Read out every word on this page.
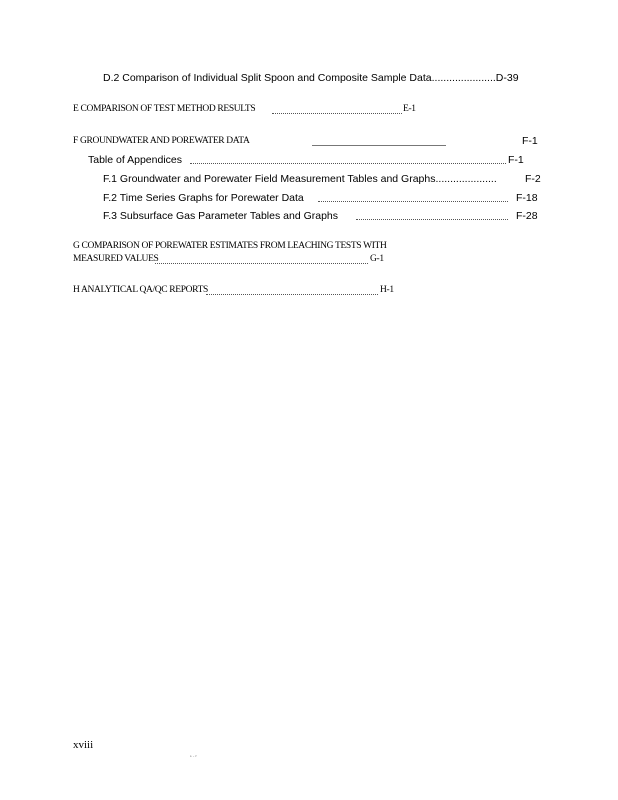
D.2 Comparison of Individual Split Spoon and Composite Sample Data......................D-39
E COMPARISON OF TEST METHOD RESULTS	E-1
F GROUNDWATER AND POREWATER DATA	F-1
Table of Appendices	F-1
F.1 Groundwater and Porewater Field Measurement Tables and Graphs.....................	F-2
F.2 Time Series Graphs for Porewater Data	F-18
F.3 Subsurface Gas Parameter Tables and Graphs	F-28
G COMPARISON OF POREWATER ESTIMATES FROM LEACHING TESTS WITH
MEASURED VALUES	G-1
H ANALYTICAL QA/QC REPORTS	H-1
xviii
˚ ˙˝
